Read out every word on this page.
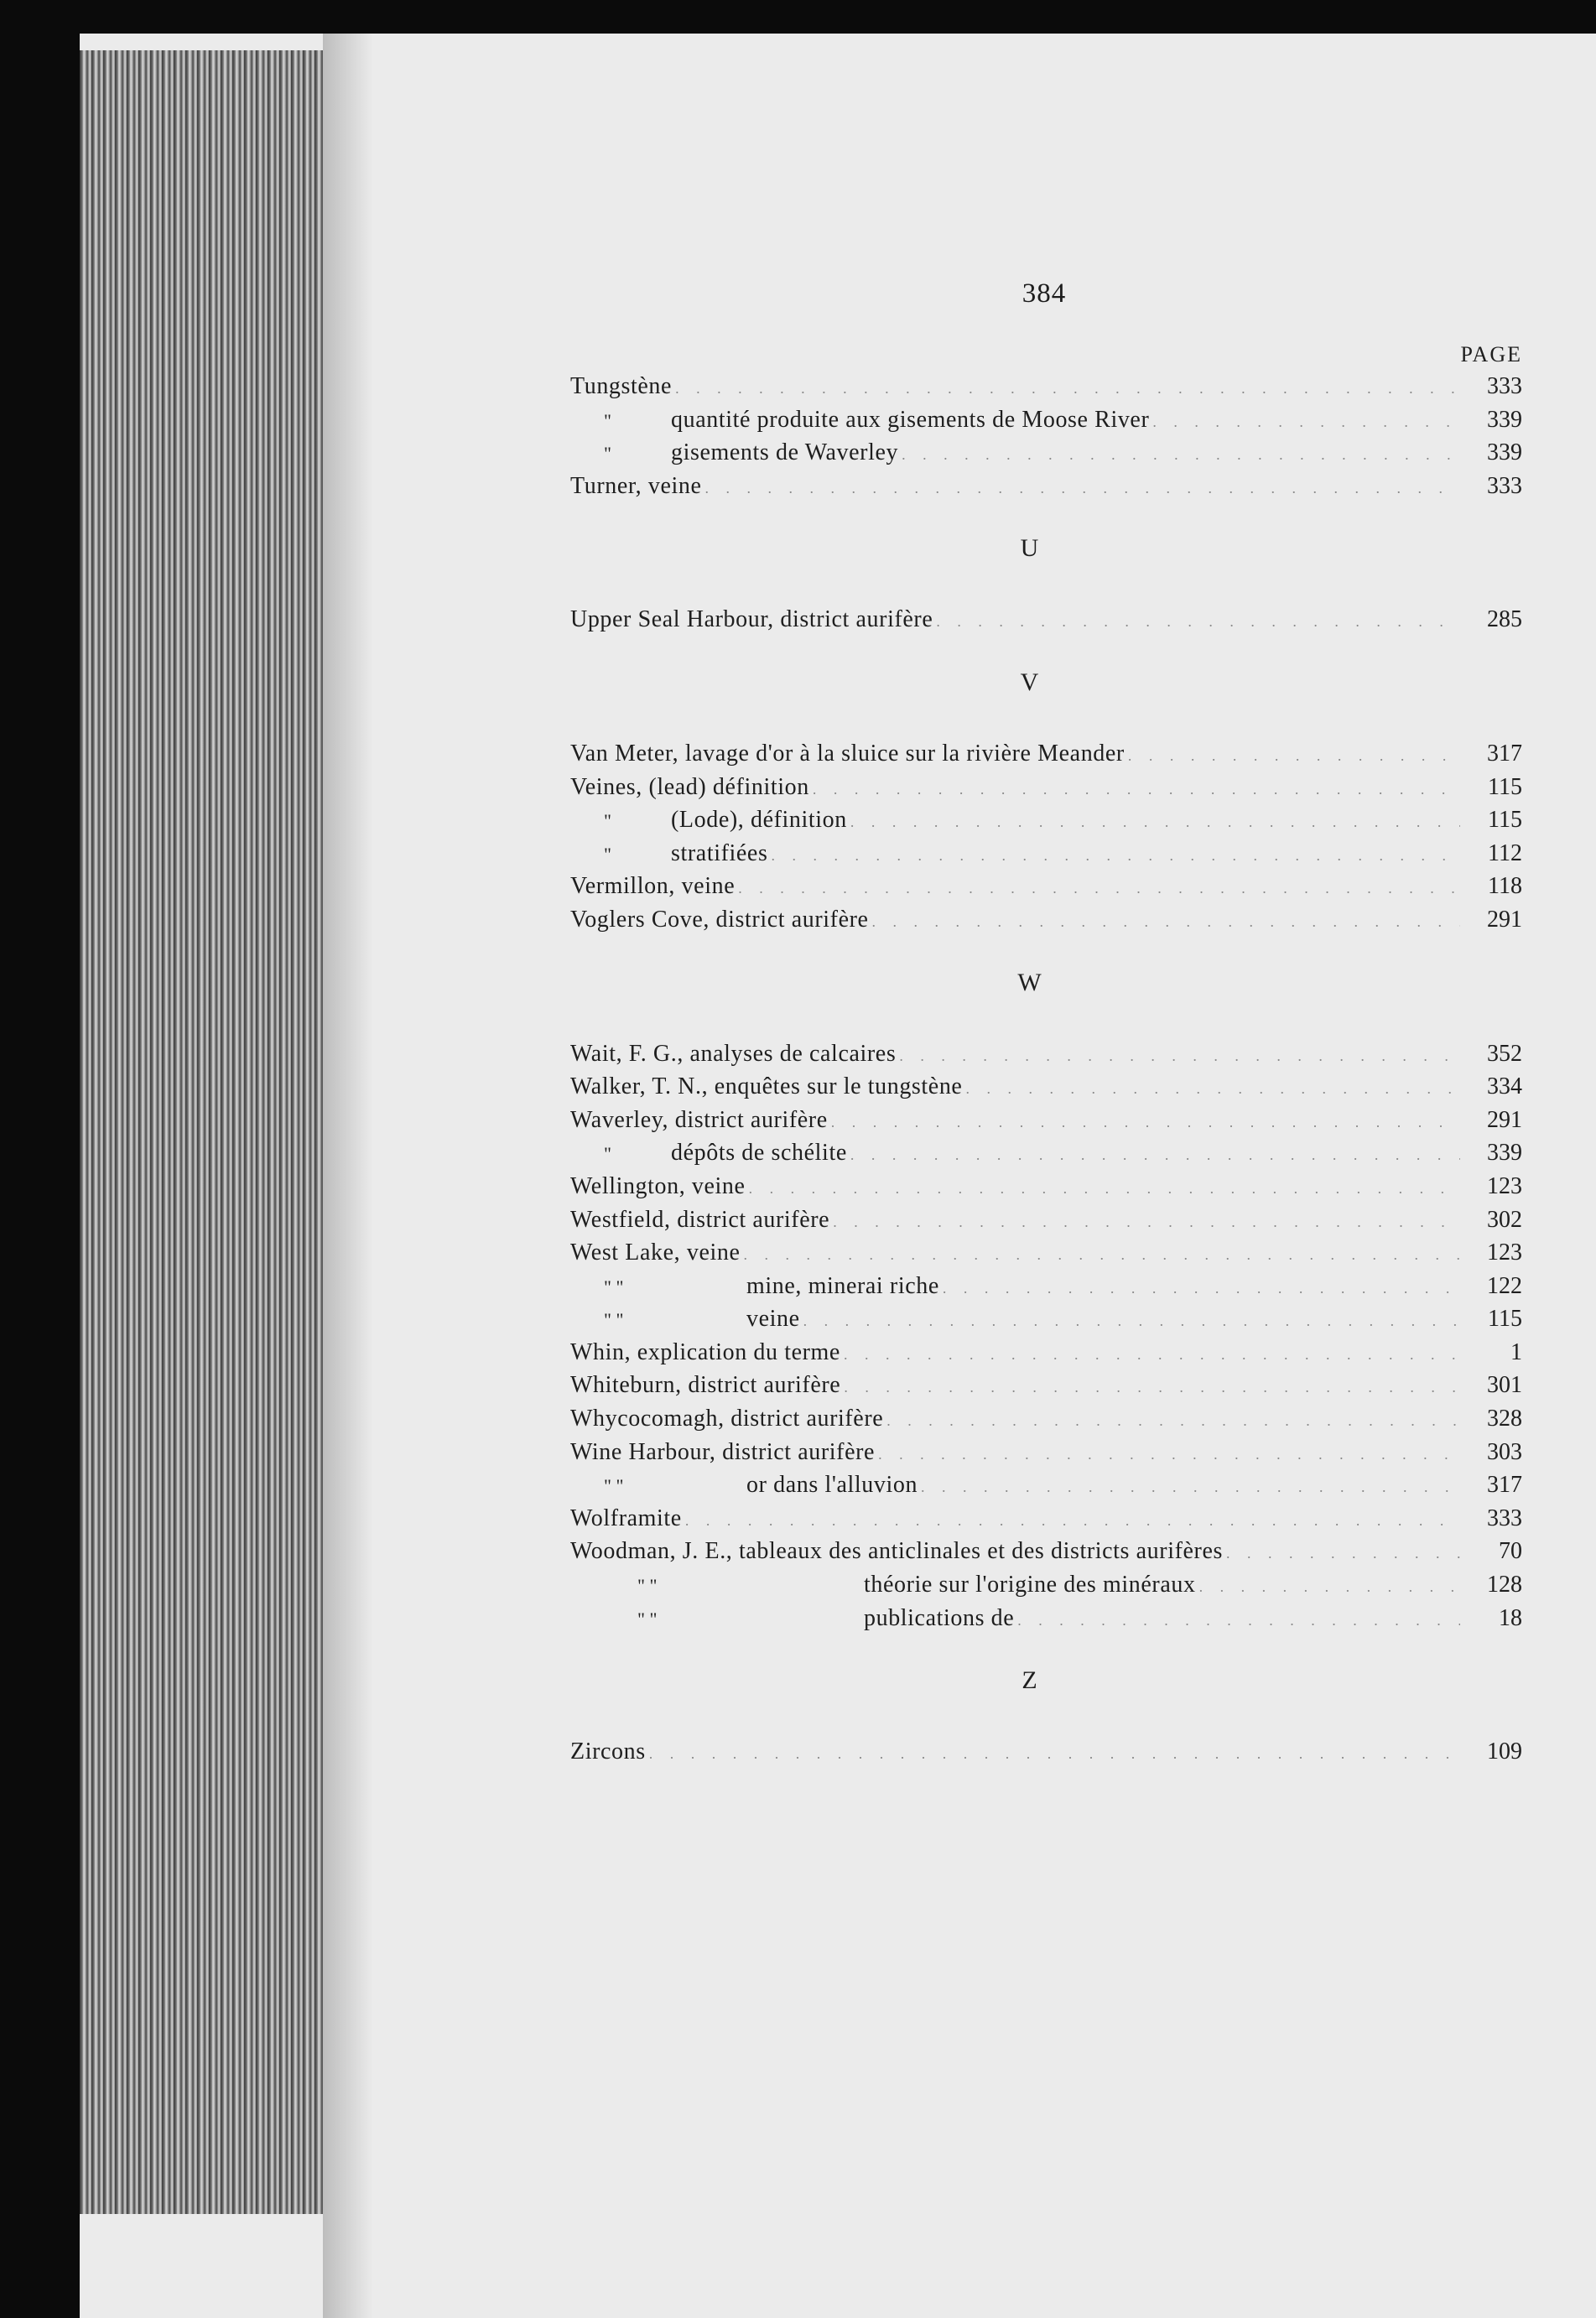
384
PAGE
Tungstène . . .	333
"	quantité produite aux gisements de Moose River . . .	339
"	gisements de Waverley . . .	339
Turner, veine . . .	333
U
Upper Seal Harbour, district aurifère . . .	285
V
Van Meter, lavage d'or à la sluice sur la rivière Meander . . .	317
Veines, (lead) définition . . .	115
"	(Lode), définition . . .	115
"	stratifiées . . .	112
Vermillon, veine . . .	118
Voglers Cove, district aurifère . . .	291
W
Wait, F. G., analyses de calcaires . . .	352
Walker, T. N., enquêtes sur le tungstène . . .	334
Waverley, district aurifère . . .	291
"	dépôts de schélite . . .	339
Wellington, veine . . .	123
Westfield, district aurifère . . .	302
West Lake, veine . . .	123
" "	mine, minerai riche . . .	122
" "	veine . . .	115
Whin, explication du terme . . .	1
Whiteburn, district aurifère . . .	301
Whycocomagh, district aurifère . . .	328
Wine Harbour, district aurifère . . .	303
" "	or dans l'alluvion . . .	317
Wolframite . . .	333
Woodman, J. E., tableaux des anticlinales et des districts aurifères . . .	70
" "	théorie sur l'origine des minéraux . . .	128
" "	publications de . . .	18
Z
Zircons . . .	109
